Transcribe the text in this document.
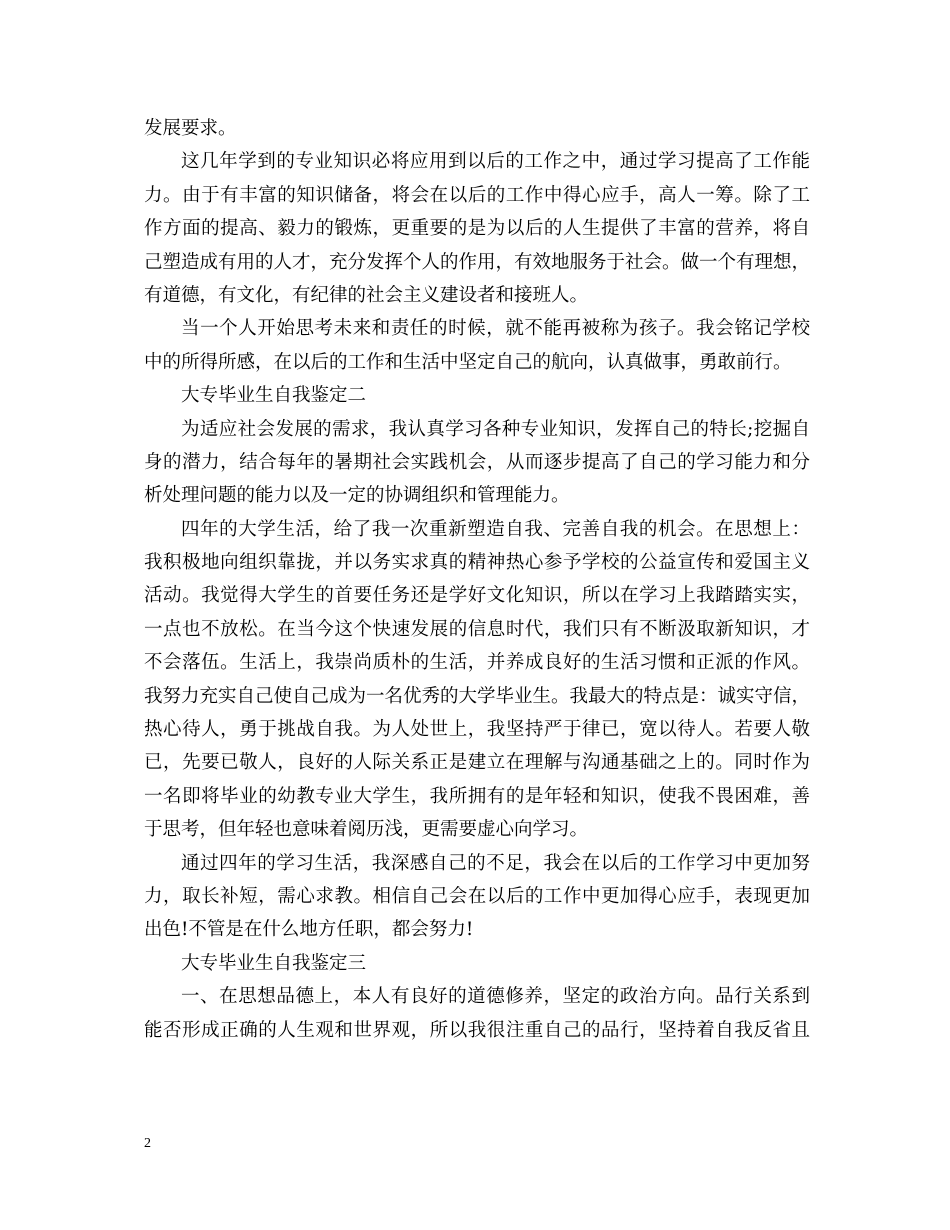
发展要求。
这几年学到的专业知识必将应用到以后的工作之中，通过学习提高了工作能
力。由于有丰富的知识储备，将会在以后的工作中得心应手，高人一筹。除了工
作方面的提高、毅力的锻炼，更重要的是为以后的人生提供了丰富的营养，将自
己塑造成有用的人才，充分发挥个人的作用，有效地服务于社会。做一个有理想，
有道德，有文化，有纪律的社会主义建设者和接班人。
当一个人开始思考未来和责任的时候，就不能再被称为孩子。我会铭记学校
中的所得所感，在以后的工作和生活中坚定自己的航向，认真做事，勇敢前行。
大专毕业生自我鉴定二
为适应社会发展的需求，我认真学习各种专业知识，发挥自己的特长;挖掘自
身的潜力，结合每年的暑期社会实践机会，从而逐步提高了自己的学习能力和分
析处理问题的能力以及一定的协调组织和管理能力。
四年的大学生活，给了我一次重新塑造自我、完善自我的机会。在思想上：
我积极地向组织靠拢，并以务实求真的精神热心参予学校的公益宣传和爱国主义
活动。我觉得大学生的首要任务还是学好文化知识，所以在学习上我踏踏实实，
一点也不放松。在当今这个快速发展的信息时代，我们只有不断汲取新知识，才
不会落伍。生活上，我崇尚质朴的生活，并养成良好的生活习惯和正派的作风。
我努力充实自己使自己成为一名优秀的大学毕业生。我最大的特点是：诚实守信，
热心待人，勇于挑战自我。为人处世上，我坚持严于律已，宽以待人。若要人敬
已，先要已敬人，良好的人际关系正是建立在理解与沟通基础之上的。同时作为
一名即将毕业的幼教专业大学生，我所拥有的是年轻和知识，使我不畏困难，善
于思考，但年轻也意味着阅历浅，更需要虚心向学习。
通过四年的学习生活，我深感自己的不足，我会在以后的工作学习中更加努
力，取长补短，需心求教。相信自己会在以后的工作中更加得心应手，表现更加
出色!不管是在什么地方任职，都会努力!
大专毕业生自我鉴定三
一、在思想品德上，本人有良好的道德修养，坚定的政治方向。品行关系到
能否形成正确的人生观和世界观，所以我很注重自己的品行，坚持着自我反省且
2
